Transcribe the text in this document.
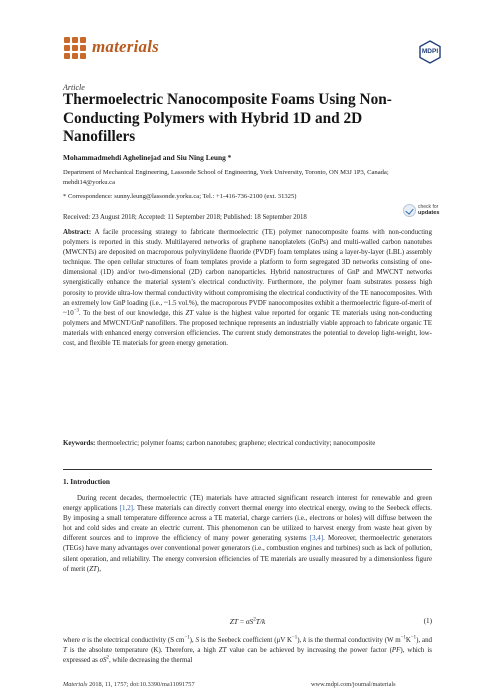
materials	MDPI
Article
Thermoelectric Nanocomposite Foams Using Non-Conducting Polymers with Hybrid 1D and 2D Nanofillers
Mohammadmehdi Aghelinejad and Siu Ning Leung *
Department of Mechanical Engineering, Lassonde School of Engineering, York University, Toronto, ON M3J 1P3, Canada; mehdi14@yorku.ca
* Correspondence: sunny.leung@lassonde.yorku.ca; Tel.: +1-416-736-2100 (ext. 31325)
check for
updates
Received: 23 August 2018; Accepted: 11 September 2018; Published: 18 September 2018
Abstract: A facile processing strategy to fabricate thermoelectric (TE) polymer nanocomposite foams with non-conducting polymers is reported in this study. Multilayered networks of graphene nanoplatelets (GnPs) and multi-walled carbon nanotubes (MWCNTs) are deposited on macroporous polyvinylidene fluoride (PVDF) foam templates using a layer-by-layer (LBL) assembly technique. The open cellular structures of foam templates provide a platform to form segregated 3D networks consisting of one-dimensional (1D) and/or two-dimensional (2D) carbon nanoparticles. Hybrid nanostructures of GnP and MWCNT networks synergistically enhance the material system’s electrical conductivity. Furthermore, the polymer foam substrates possess high porosity to provide ultra-low thermal conductivity without compromising the electrical conductivity of the TE nanocomposites. With an extremely low GnP loading (i.e., ~1.5 vol.%), the macroporous PVDF nanocomposites exhibit a thermoelectric figure-of-merit of $\sim 10^{-3}$. To the best of our knowledge, this ZT value is the highest value reported for organic TE materials using non-conducting polymers and MWCNT/GnP nanofillers. The proposed technique represents an industrially viable approach to fabricate organic TE materials with enhanced energy conversion efficiencies. The current study demonstrates the potential to develop light-weight, low-cost, and flexible TE materials for green energy generation.
Keywords: thermoelectric; polymer foams; carbon nanotubes; graphene; electrical conductivity; nanocomposite
1. Introduction

During recent decades, thermoelectric (TE) materials have attracted significant research interest for renewable and green energy applications [1,2]. These materials can directly convert thermal energy into electrical energy, owing to the Seebeck effects. By imposing a small temperature difference across a TE material, charge carriers (i.e., electrons or holes) will diffuse between the hot and cold sides and create an electric current. This phenomenon can be utilized to harvest energy from waste heat given by different sources and to improve the efficiency of many power generating systems [3,4]. Moreover, thermoelectric generators (TEGs) have many advantages over conventional power generators (i.e., combustion engines and turbines) such as lack of pollution, silent operation, and reliability. The energy conversion efficiencies of TE materials are usually measured by a dimensionless figure of merit (ZT),

ZT = $\sigma S^2T/k$	(1)
where σ is the electrical conductivity (S $cm^{-1}$), S is the Seebeck coefficient (μV $K^{-1}$), k is the thermal conductivity (W $m^{-1}K^{-1}$), and T is the absolute temperature (K). Therefore, a high ZT value can be achieved by increasing the power factor (PF), which is expressed as $\sigma S^2$, while decreasing the thermal
Materials 2018, 11, 1757; doi:10.3390/ma11091757	www.mdpi.com/journal/materials
